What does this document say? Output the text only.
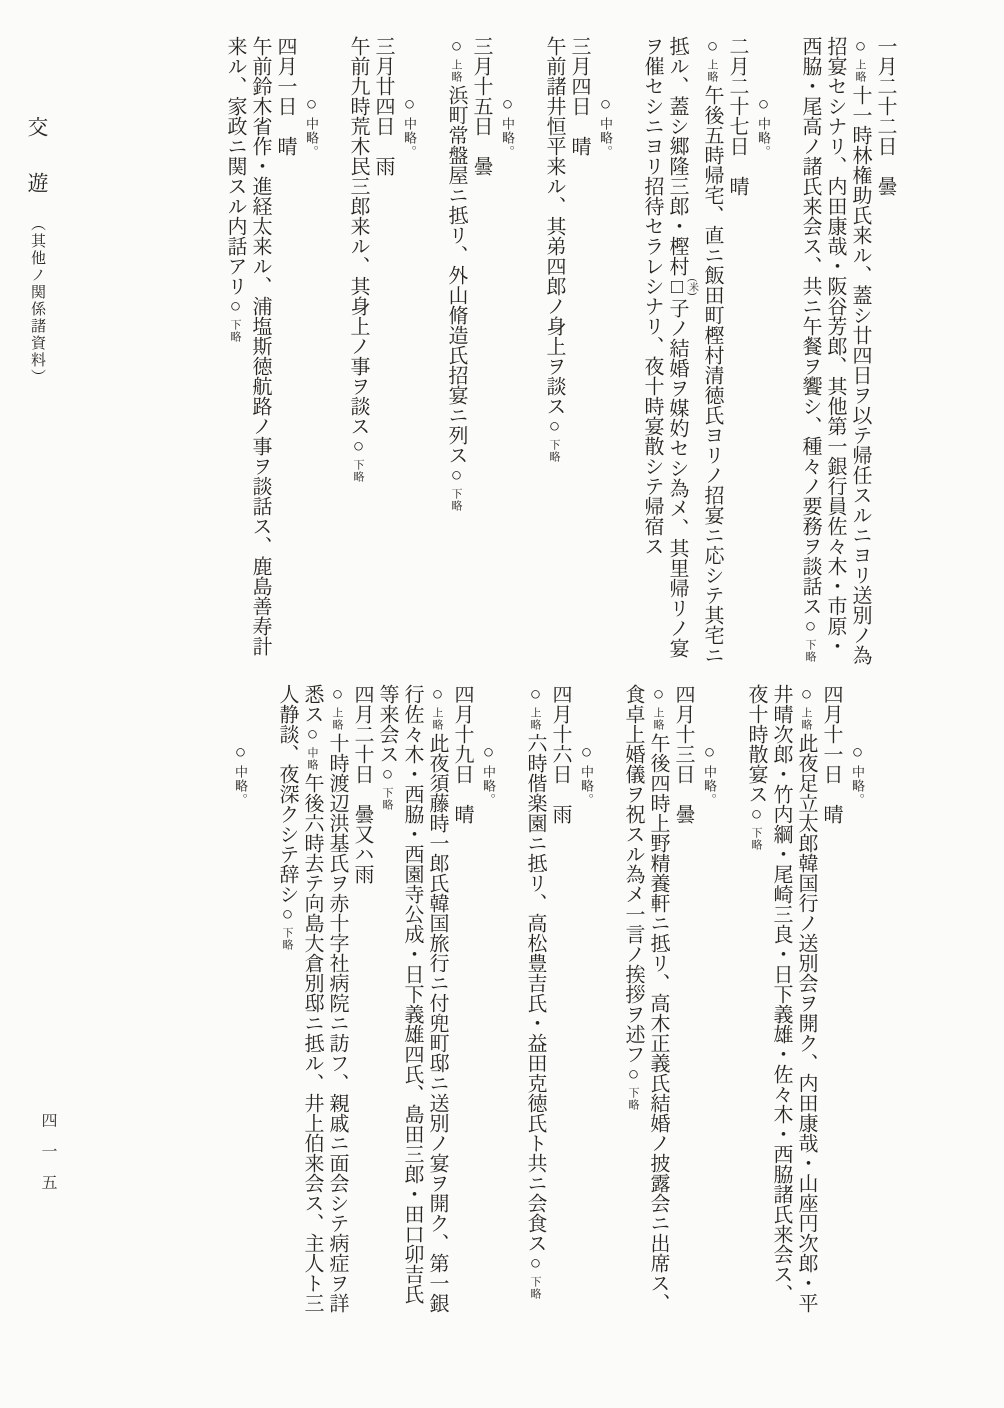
一月二十二日　曇

○上略十一時林権助氏来ル、蓋シ廿四日ヲ以テ帰任スルニヨリ送別ノ為

招宴セシナリ、内田康哉・阪谷芳郎、其他第一銀行員佐々木・市原・

西脇・尾高ノ諸氏来会ス、共ニ午餐ヲ饗シ、種々ノ要務ヲ談話ス○下略

○中略。

二月二十七日　晴

○上略午後五時帰宅、直ニ飯田町樫村清徳氏ヨリノ招宴ニ応シテ其宅ニ

抵ル、蓋シ郷隆三郎・樫村□(米)子ノ結婚ヲ媒妁セシ為メ、其里帰リノ宴

ヲ催セシニヨリ招待セラレシナリ、夜十時宴散シテ帰宿ス

○中略。

三月四日　晴

午前諸井恒平来ル、其弟四郎ノ身上ヲ談ス○下略

○中略。

三月十五日　曇

○上略浜町常盤屋ニ抵リ、外山脩造氏招宴ニ列ス○下略

○中略。

三月廿四日　雨

午前九時荒木民三郎来ル、其身上ノ事ヲ談ス○下略

○中略。

四月一日　晴

午前鈴木省作・進経太来ル、浦塩斯徳航路ノ事ヲ談話ス、鹿島善寿計

来ル、家政ニ関スル内話アリ○下略

○中略。

四月十一日　晴

○上略此夜足立太郎韓国行ノ送別会ヲ開ク、内田康哉・山座円次郎・平

井晴次郎・竹内綱・尾崎三良・日下義雄・佐々木・西脇諸氏来会ス、

夜十時散宴ス○下略

○中略。

四月十三日　曇

○上略午後四時上野精養軒ニ抵リ、高木正義氏結婚ノ披露会ニ出席ス、

食卓上婚儀ヲ祝スル為メ一言ノ挨拶ヲ述フ○下略

○中略。

四月十六日　雨

○上略六時偕楽園ニ抵リ、高松豊吉氏・益田克徳氏ト共ニ会食ス○下略

○中略。

四月十九日　晴

○上略此夜須藤時一郎氏韓国旅行ニ付兜町邸ニ送別ノ宴ヲ開ク、第一銀

行佐々木・西脇・西園寺公成・日下義雄四氏、島田三郎・田口卯吉氏

等来会ス○下略

四月二十日　曇又ハ雨

○上略十時渡辺洪基氏ヲ赤十字社病院ニ訪フ、親戚ニ面会シテ病症ヲ詳

悉ス○中略午後六時去テ向島大倉別邸ニ抵ル、井上伯来会ス、主人ト三

人静談、夜深クシテ辞シ○下略

○中略。

交　遊（其他ノ関係諸資料）
四一五
